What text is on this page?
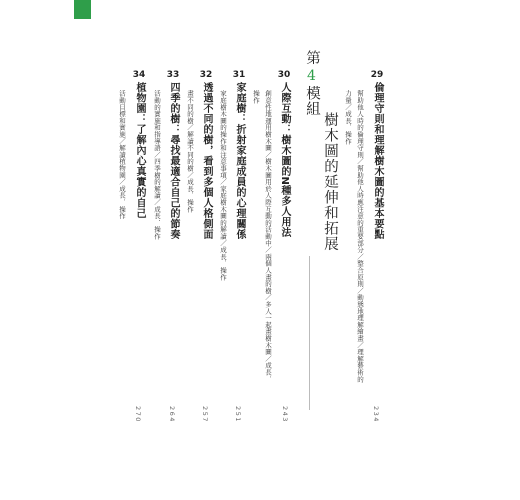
29倫理守則和理解樹木圖的基本要點
幫助他人時的倫理守則／幫助他人時應注意的重要部分／整合原則／動態地理解繪畫／理解藝術的
力量／成長．操作
234
第4模組
樹木圖的延伸和拓展
30人際互動：樹木圖的N種多人用法
創意性地運用樹木圖／樹木圖用於人際互動的活動中／兩個人畫的樹／多人一起畫樹木圖／成長．
操作
243
31家庭樹：折射家庭成員的心理關係
家庭樹木圖的操作和注意事項／家庭樹木圖的解讀／成長．操作
251
32透過不同的樹，看到多個人格側面
畫不同的樹／解讀不同的樹／成長．操作
257
33四季的樹：尋找最適合自己的節奏
活動的實施和指導語／四季樹的解讀／成長．操作
264
34植物園：了解內心真實的自己
活動目標和實施／解讀植物園／成長．操作
270
